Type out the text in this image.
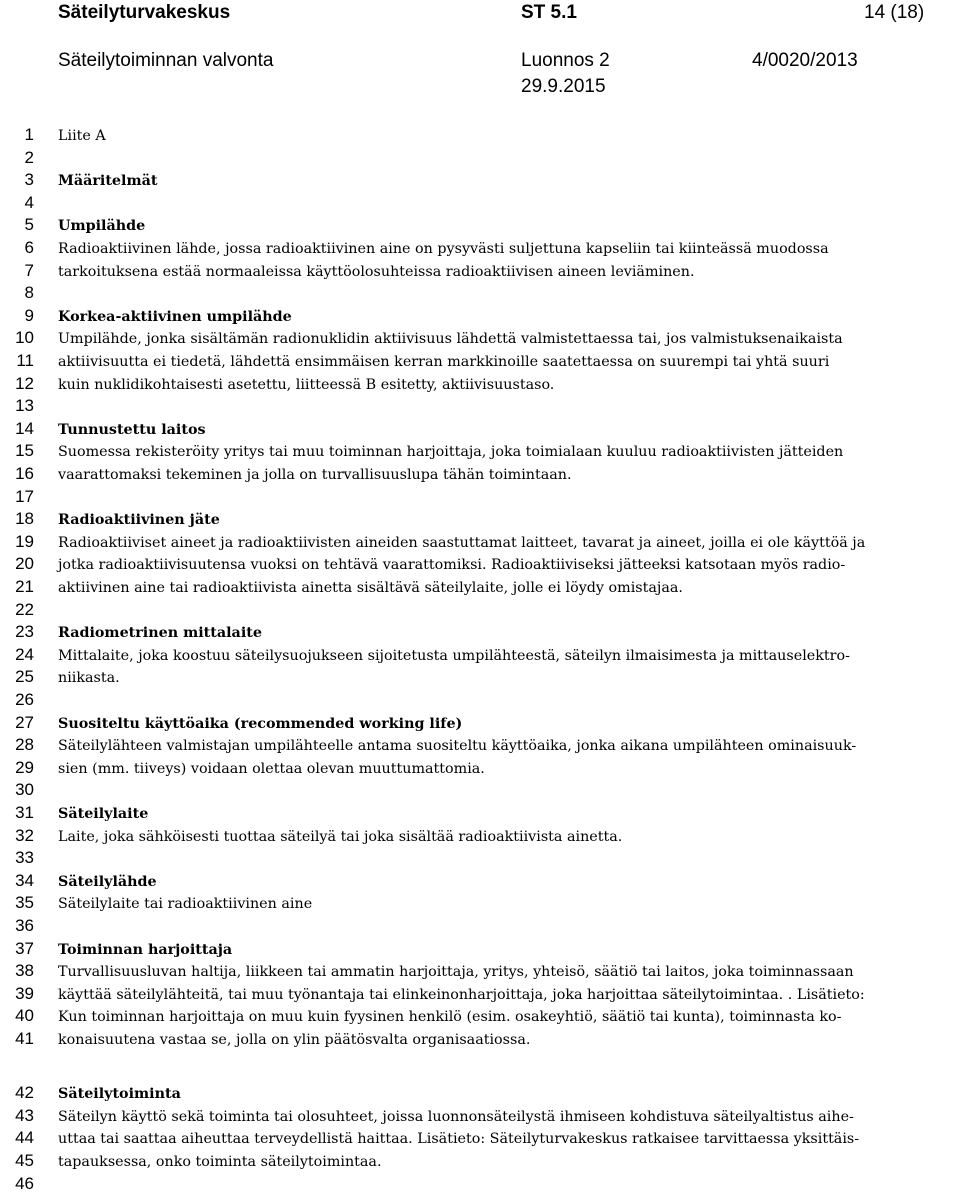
Säteilyturvakeskus	ST 5.1	14 (18)
Säteilytoiminnan valvonta	Luonnos 2
29.9.2015
4/0020/2013
1
2
3
4
5
6
7
8
9
10
11
12
13
14
15
16
17
18
19
20
21
22
23
24
25
26
27
28
29
30
31
32
33
34
35
36
37
38
39
40
41
42
43
44
45
46
Liite A
Määritelmät
Umpilähde
Radioaktiivinen lähde, jossa radioaktiivinen aine on pysyvästi suljettuna kapseliin tai kiinteässä muodossa
tarkoituksena estää normaaleissa käyttöolosuhteissa radioaktiivisen aineen leviäminen.
Korkea-aktiivinen umpilähde
Umpilähde, jonka sisältämän radionuklidin aktiivisuus lähdettä valmistettaessa tai, jos valmistuksenaikaista
aktiivisuutta ei tiedetä, lähdettä ensimmäisen kerran markkinoille saatettaessa on suurempi tai yhtä suuri
kuin nuklidikohtaisesti asetettu, liitteessä B esitetty, aktiivisuustaso.
Tunnustettu laitos
Suomessa rekisteröity yritys tai muu toiminnan harjoittaja, joka toimialaan kuuluu radioaktiivisten jätteiden
vaarattomaksi tekeminen ja jolla on turvallisuuslupa tähän toimintaan.
Radioaktiivinen jäte
Radioaktiiviset aineet ja radioaktiivisten aineiden saastuttamat laitteet, tavarat ja aineet, joilla ei ole käyttöä ja
jotka radioaktiivisuutensa vuoksi on tehtävä vaarattomiksi. Radioaktiiviseksi jätteeksi katsotaan myös radio-
aktiivinen aine tai radioaktiivista ainetta sisältävä säteilylaite, jolle ei löydy omistajaa.
Radiometrinen mittalaite
Mittalaite, joka koostuu säteilysuojukseen sijoitetusta umpilähteestä, säteilyn ilmaisimesta ja mittauselektro-
niikasta.
Suositeltu käyttöaika (recommended working life)
Säteilylähteen valmistajan umpilähteelle antama suositeltu käyttöaika, jonka aikana umpilähteen ominaisuuk-
sien (mm. tiiveys) voidaan olettaa olevan muuttumattomia.
Säteilylaite
Laite, joka sähköisesti tuottaa säteilyä tai joka sisältää radioaktiivista ainetta.
Säteilylähde
Säteilylaite tai radioaktiivinen aine
Toiminnan harjoittaja
Turvallisuusluvan haltija, liikkeen tai ammatin harjoittaja, yritys, yhteisö, säätiö tai laitos, joka toiminnassaan
käyttää säteilylähteitä, tai muu työnantaja tai elinkeinonharjoittaja, joka harjoittaa säteilytoimintaa. . Lisätieto:
Kun toiminnan harjoittaja on muu kuin fyysinen henkilö (esim. osakeyhtiö, säätiö tai kunta), toiminnasta ko-
konaisuutena vastaa se, jolla on ylin päätösvalta organisaatiossa.
Säteilytoiminta
Säteilyn käyttö sekä toiminta tai olosuhteet, joissa luonnonsäteilystä ihmiseen kohdistuva säteilyaltistus aihe-
uttaa tai saattaa aiheuttaa terveydellistä haittaa. Lisätieto: Säteilyturvakeskus ratkaisee tarvittaessa yksittäis-
tapauksessa, onko toiminta säteilytoimintaa.
